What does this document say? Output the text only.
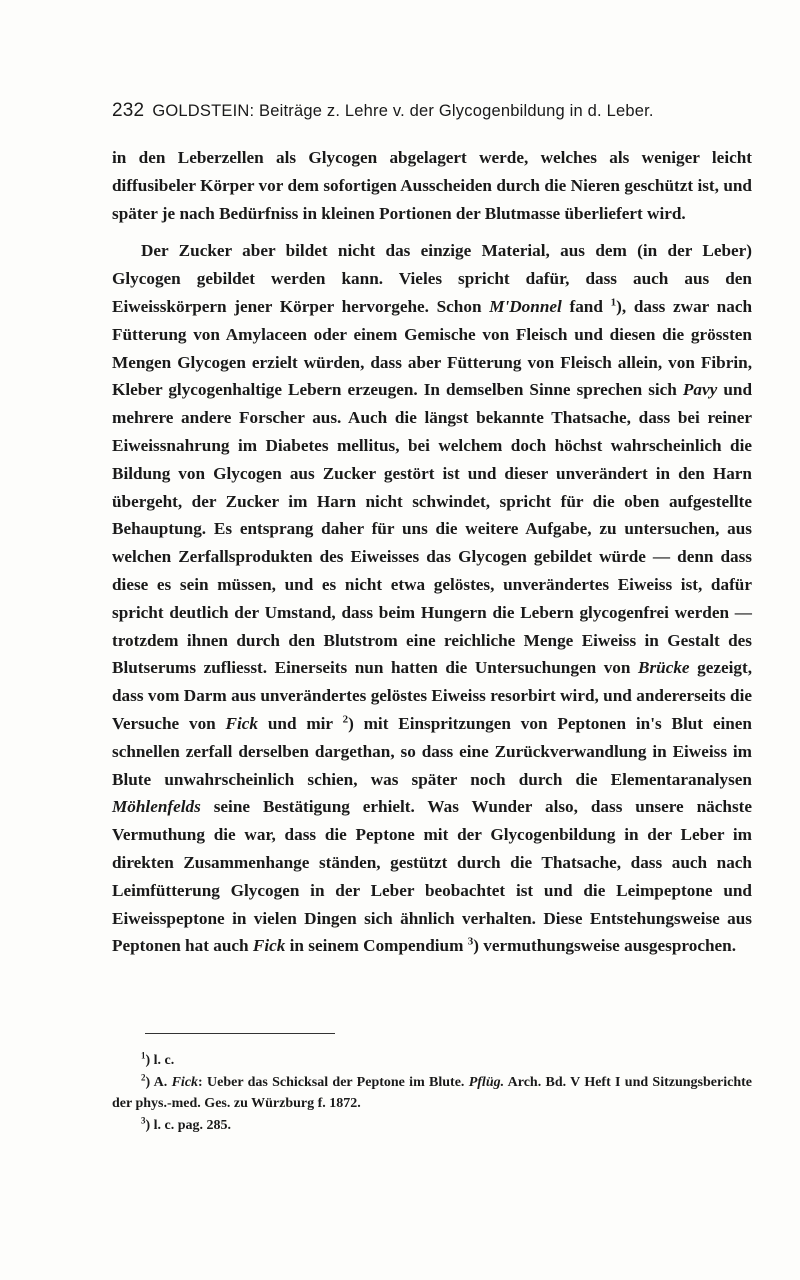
232 GOLDSTEIN: Beiträge z. Lehre v. der Glycogenbildung in d. Leber.

in den Leberzellen als Glycogen abgelagert werde, welches als weniger leicht diffusibeler Körper vor dem sofortigen Ausscheiden durch die Nieren geschützt ist, und später je nach Bedürfniss in kleinen Portionen der Blutmasse überliefert wird.

Der Zucker aber bildet nicht das einzige Material, aus dem (in der Leber) Glycogen gebildet werden kann. Vieles spricht dafür, dass auch aus den Eiweisskörpern jener Körper hervorgehe. Schon M'Donnel fand $^1$), dass zwar nach Fütterung von Amylaceen oder einem Gemische von Fleisch und diesen die grössten Mengen Glycogen erzielt würden, dass aber Fütterung von Fleisch allein, von Fibrin, Kleber glycogenhaltige Lebern erzeugen. In demselben Sinne sprechen sich Pavy und mehrere andere Forscher aus. Auch die längst bekannte Thatsache, dass bei reiner Eiweissnahrung im Diabetes mellitus, bei welchem doch höchst wahrscheinlich die Bildung von Glycogen aus Zucker gestört ist und dieser unverändert in den Harn übergeht, der Zucker im Harn nicht schwindet, spricht für die oben aufgestellte Behauptung. Es entsprang daher für uns die weitere Aufgabe, zu untersuchen, aus welchen Zerfallsprodukten des Eiweisses das Glycogen gebildet würde — denn dass diese es sein müssen, und es nicht etwa gelöstes, unverändertes Eiweiss ist, dafür spricht deutlich der Umstand, dass beim Hungern die Lebern glycogenfrei werden — trotzdem ihnen durch den Blutstrom eine reichliche Menge Eiweiss in Gestalt des Blutserums zufliesst. Einerseits nun hatten die Untersuchungen von Brücke gezeigt, dass vom Darm aus unverändertes gelöstes Eiweiss resorbirt wird, und andererseits die Versuche von Fick und mir $^2$) mit Einspritzungen von Peptonen in's Blut einen schnellen zerfall derselben dargethan, so dass eine Zurückverwandlung in Eiweiss im Blute unwahrscheinlich schien, was später noch durch die Elementaranalysen Möhlenfelds seine Bestätigung erhielt. Was Wunder also, dass unsere nächste Vermuthung die war, dass die Peptone mit der Glycogenbildung in der Leber im direkten Zusammenhange ständen, gestützt durch die Thatsache, dass auch nach Leimfütterung Glycogen in der Leber beobachtet ist und die Leimpeptone und Eiweisspeptone in vielen Dingen sich ähnlich verhalten. Diese Entstehungsweise aus Peptonen hat auch Fick in seinem Compendium $^3$) vermuthungsweise ausgesprochen.

$^1$) l. c.
$^2$) A. Fick: Ueber das Schicksal der Peptone im Blute. Pflüg. Arch. Bd. V Heft I und Sitzungsberichte der phys.-med. Ges. zu Würzburg f. 1872.
$^3$) l. c. pag. 285.
